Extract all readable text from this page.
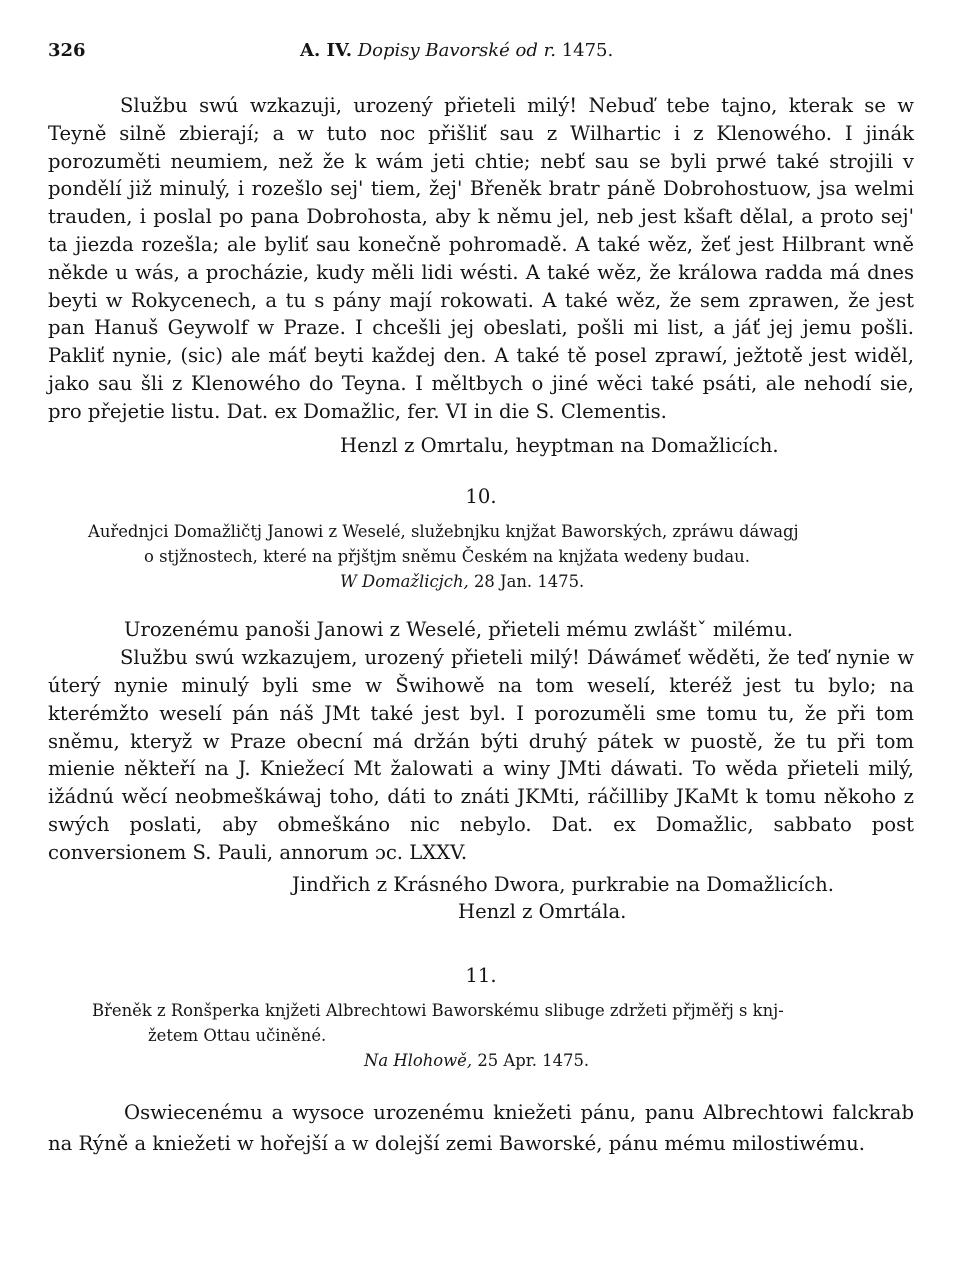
326	A. IV. Dopisy Bavorské od r. 1475.

Službu swú wzkazuji, urozený přieteli milý! Nebuď tebe tajno, kterak se w Teyně silně zbierají; a w tuto noc přišliť sau z Wilhartic i z Klenowého. I jinák porozuměti neumiem, než že k wám jeti chtie; nebť sau se byli prwé také strojili v pondělí již minulý, i rozešlo sej' tiem, žej' Břeněk bratr páně Dobrohostuow, jsa welmi trauden, i poslal po pana Dobrohosta, aby k němu jel, neb jest kšaft dělal, a proto sej' ta jiezda rozešla; ale byliť sau konečně pohromadě. A také wěz, žeť jest Hilbrant wně někde u wás, a procházie, kudy měli lidi wésti. A také wěz, že králowa radda má dnes beyti w Rokycenech, a tu s pány mají rokowati. A také wěz, že sem zprawen, že jest pan Hanuš Geywolf w Praze. I chcešli jej obeslati, pošli mi list, a jáť jej jemu pošli. Pakliť nynie, (sic) ale máť beyti každej den. A také tě posel zprawí, ježtotě jest widěl, jako sau šli z Klenowého do Teyna. I měltbych o jiné wěci také psáti, ale nehodí sie, pro přejetie listu. Dat. ex Domažlic, fer. VI in die S. Clementis.

Henzl z Omrtalu, heyptman na Domažlicích.
10.
Auřednjci Domažličtj Janowi z Weselé, služebnjku knjžat Baworských, zpráwu dáwagj
o stjžnostech, které na přjštjm sněmu Českém na knjžata wedeny budau.
W Domažlicjch, 28 Jan. 1475.
Urozenému panoši Janowi z Weselé, přieteli mému zwláštˇ milému.

Službu swú wzkazujem, urozený přieteli milý! Dáwámeť wěděti, že teď nynie w úterý nynie minulý byli sme w Šwihowě na tom weselí, kteréž jest tu bylo; na kterémžto weselí pán náš JMt také jest byl. I porozuměli sme tomu tu, že při tom sněmu, kteryž w Praze obecní má držán býti druhý pátek w puostě, že tu při tom mienie někteří na J. Kniežecí Mt žalowati a winy JMti dáwati. To wěda přieteli milý, ižádnú wěcí neobmeškáwaj toho, dáti to znáti JKMti, ráčilliby JKaMt k tomu někoho z swých poslati, aby obmeškáno nic nebylo. Dat. ex Domažlic, sabbato post conversionem S. Pauli, annorum ɔc. LXXV.

Jindřich z Krásného Dwora, purkrabie na Domažlicích.
Henzl z Omrtála.
11.
Břeněk z Ronšperka knjžeti Albrechtowi Baworskému slibuge zdržeti přjměřj s knj-
žetem Ottau učiněné.
Na Hlohowě, 25 Apr. 1475.

Oswiecenému a wysoce urozenému kniežeti pánu, panu Albrechtowi falckrab na Rýně a kniežeti w hořejší a w dolejší zemi Baworské, pánu mému milostiwému.
